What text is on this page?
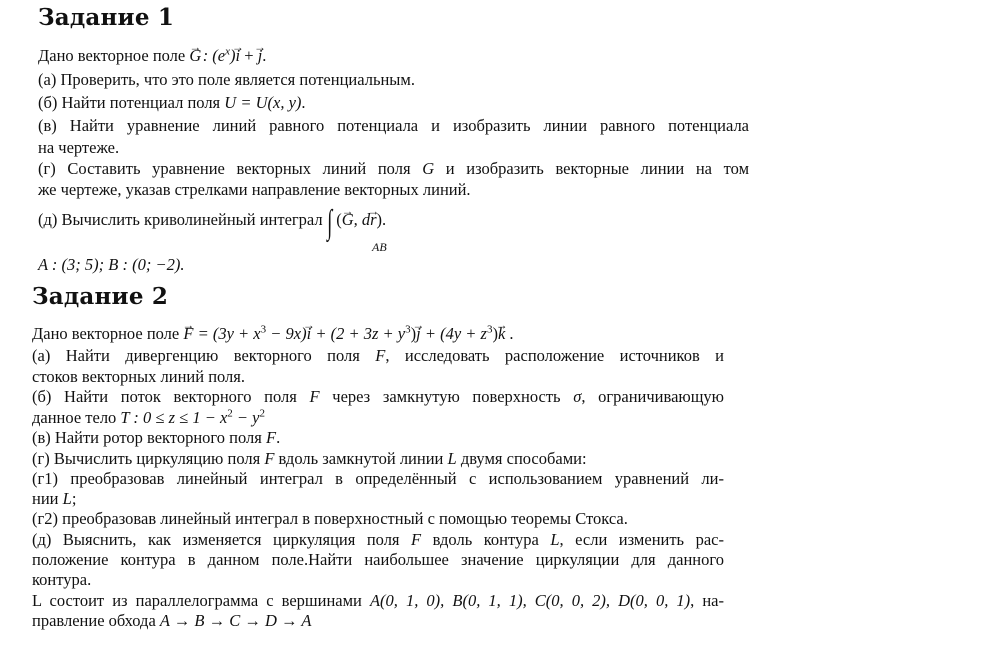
Задание 1
Дано векторное поле → G : $(e^x)\to i$ + → j.
(а) Проверить, что это поле является потенциальным.
(б) Найти потенциал поля U = U(x, y).
(в) Найти уравнение линий равного потенциала и изобразить линии равного потенциала
на чертеже.
(г) Составить уравнение векторных линий поля G и изобразить векторные линии на том
же чертеже, указав стрелками направление векторных линий.
(д) Вычислить криволинейный интеграл ∫ (→ G, d→ r).
AB
A : (3; 5); B : (0; −2).
Задание 2
Дано векторное поле → $F = (3y + x^3 - 9x)\to i + (2 + 3z + y^3)\to j + (4y + z^3)\to k$ .
(а) Найти дивергенцию векторного поля F, исследовать расположение источников и
стоков векторных линий поля.
(б) Найти поток векторного поля F через замкнутую поверхность σ, ограничивающую
данное тело T : $0 \le z \le 1 - x^2 - y^2$
(в) Найти ротор векторного поля F.
(г) Вычислить циркуляцию поля F вдоль замкнутой линии L двумя способами:
(г1) преобразовав линейный интеграл в определённый с использованием уравнений ли-
нии L;
(г2) преобразовав линейный интеграл в поверхностный с помощью теоремы Стокса.
(д) Выяснить, как изменяется циркуляция поля F вдоль контура L, если изменить рас-
положение контура в данном поле.Найти наибольшее значение циркуляции для данного
контура.
L состоит из параллелограмма с вершинами A(0, 1, 0), B(0, 1, 1), C(0, 0, 2), D(0, 0, 1), на-
правление обхода A → B → C → D → A
